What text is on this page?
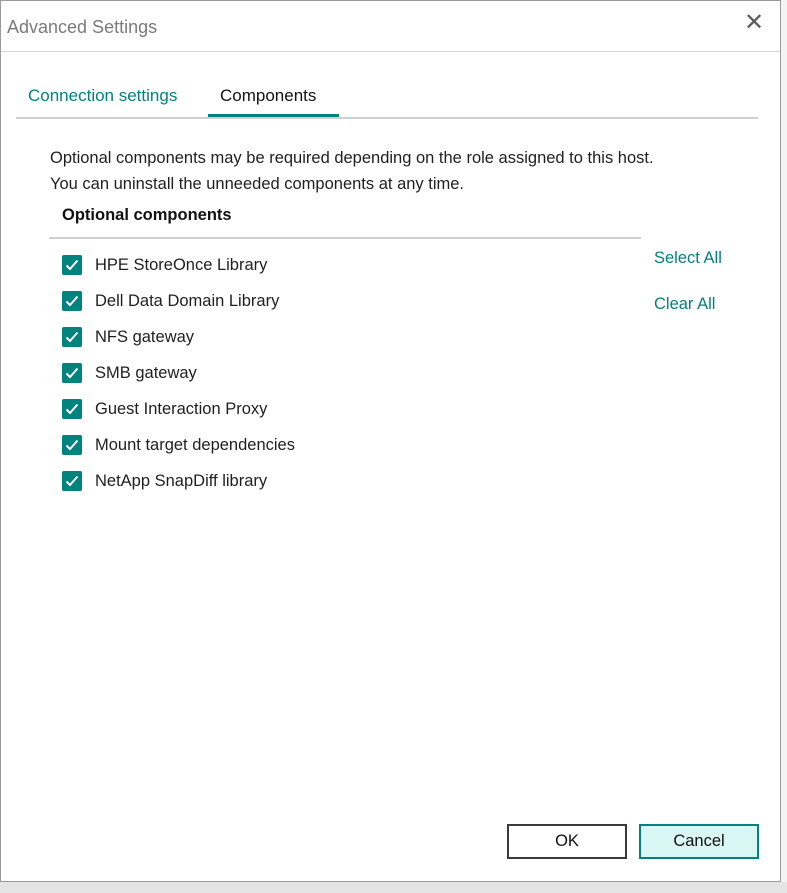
Advanced Settings	✕
Connection settings	Components
Optional components may be required depending on the role assigned to this host.
You can uninstall the unneeded components at any time.
Optional components
HPE StoreOnce Library
Dell Data Domain Library
NFS gateway
SMB gateway
Guest Interaction Proxy
Mount target dependencies
NetApp SnapDiff library
Select All
Clear All
OK	Cancel
